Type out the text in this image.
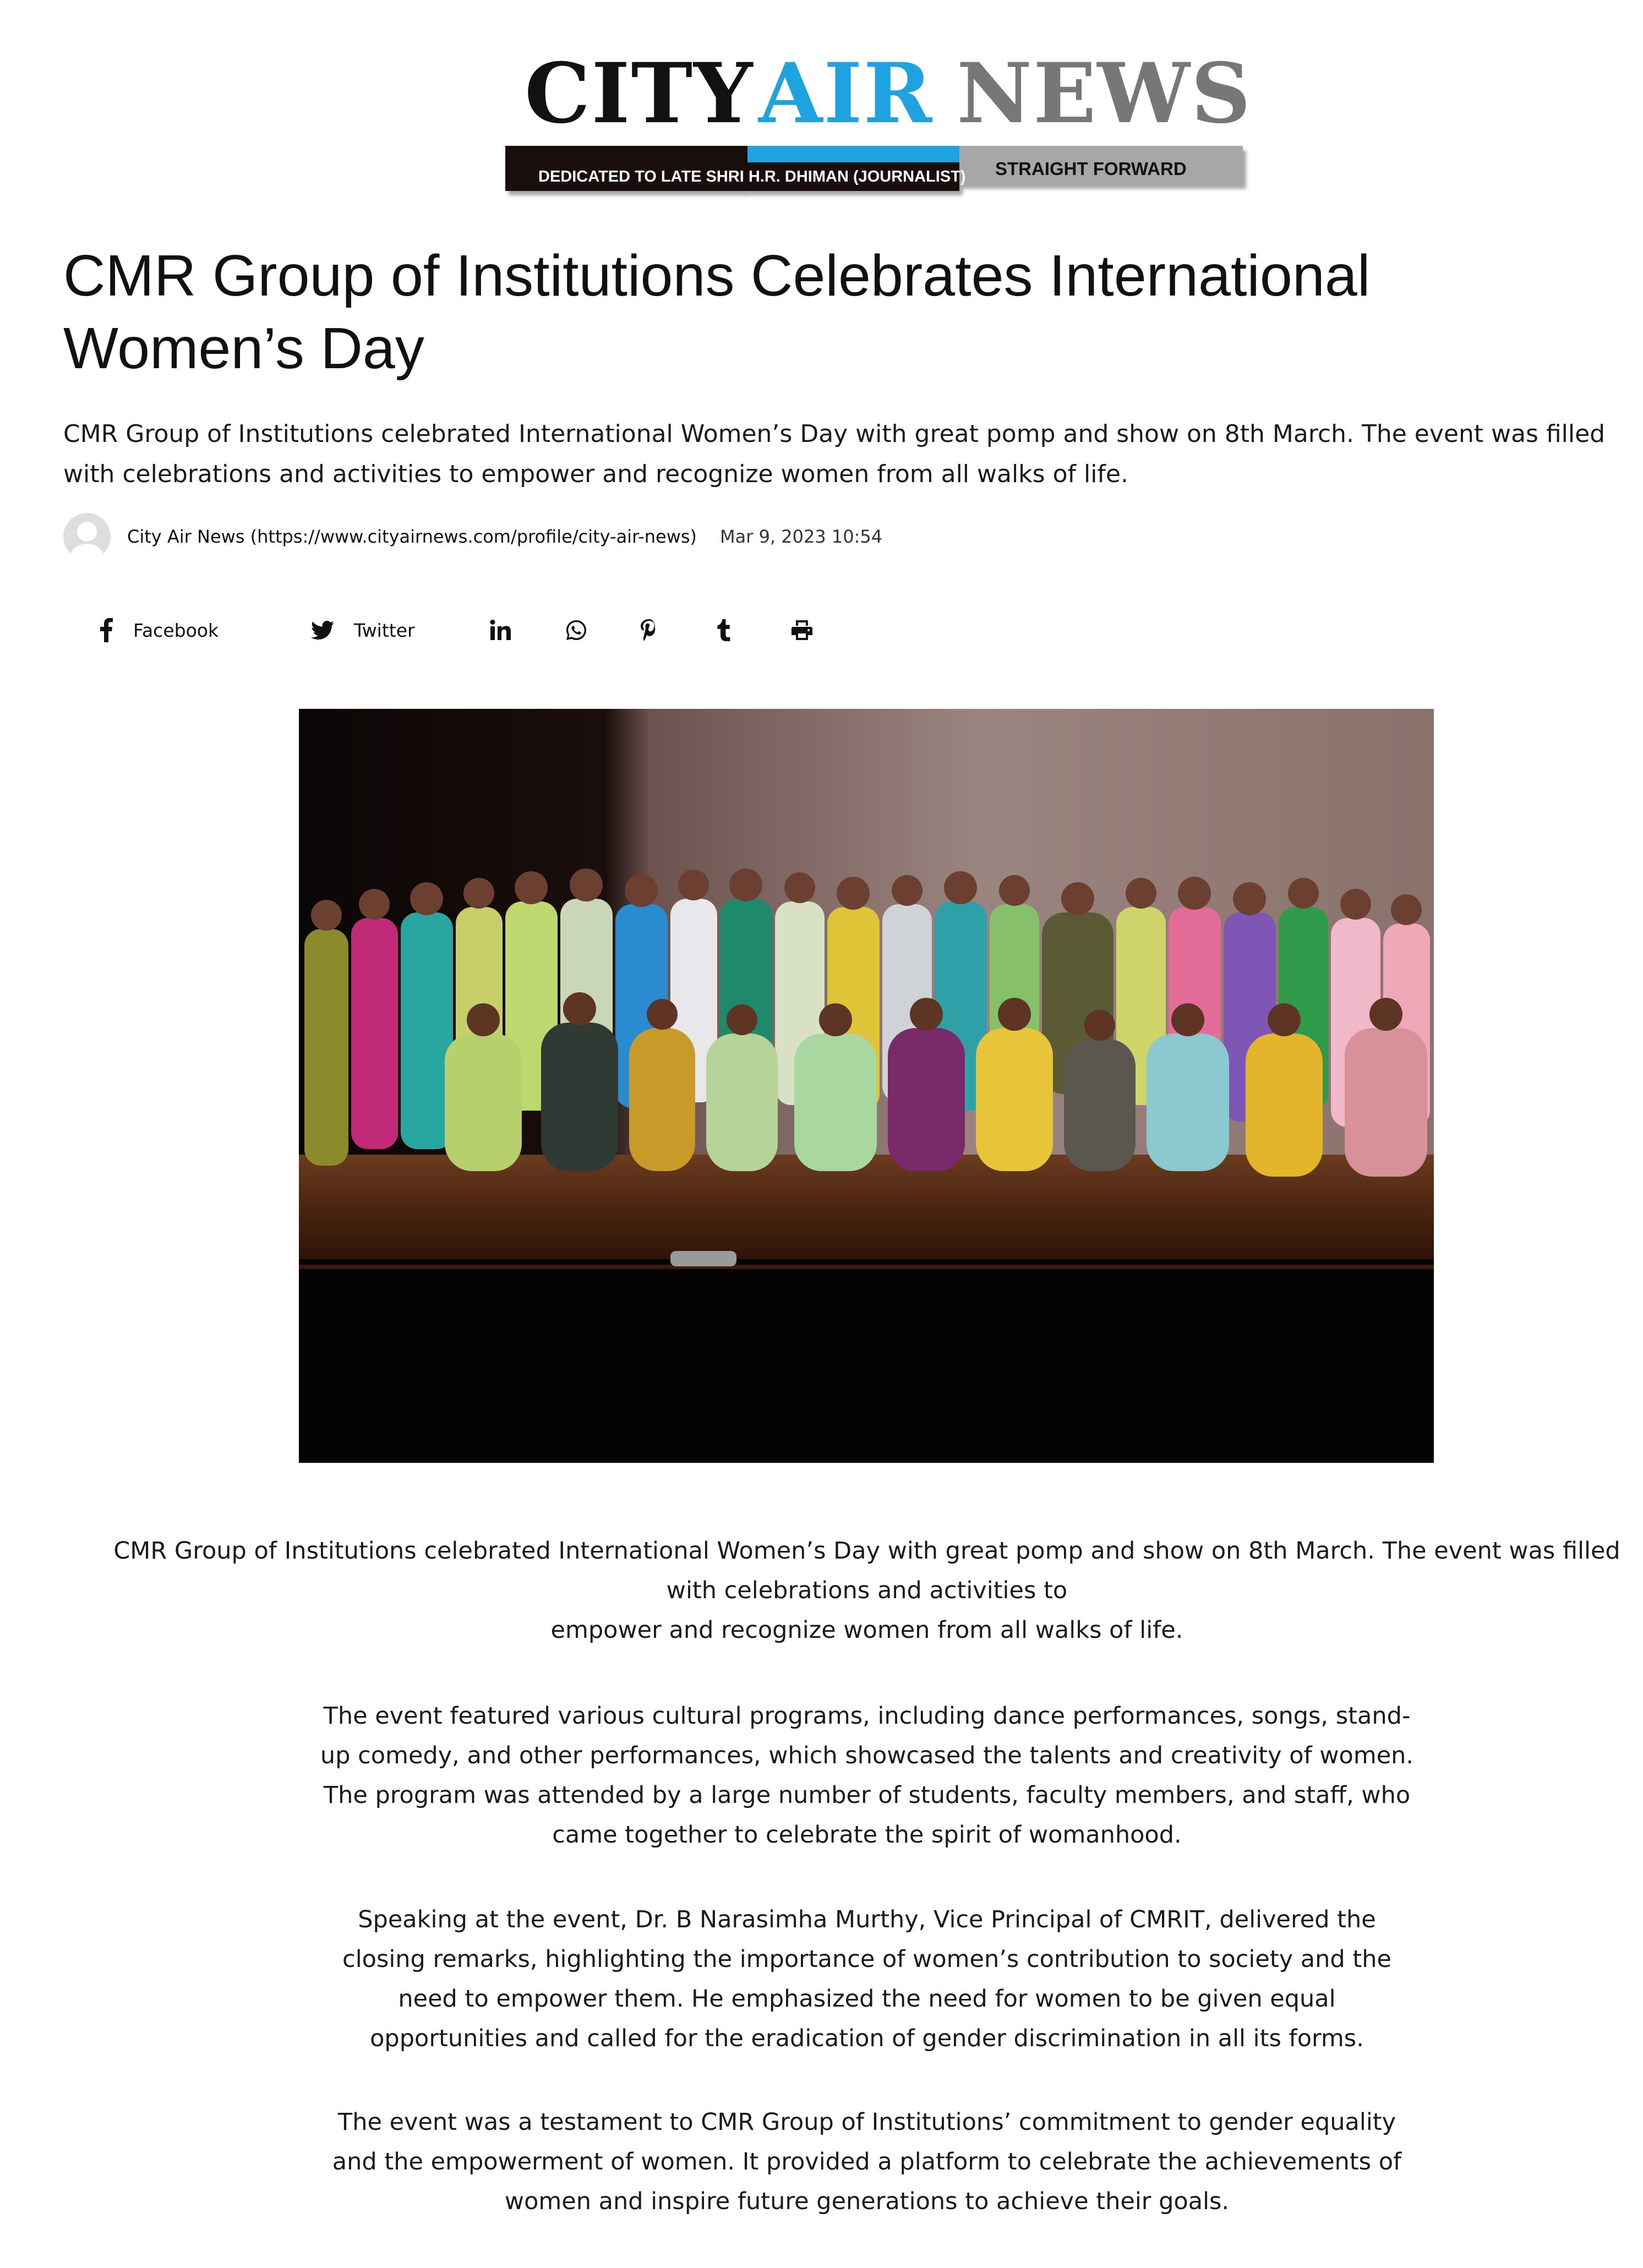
CITY AIR NEWS
DEDICATED TO LATE SHRI H.R. DHIMAN (JOURNALIST) STRAIGHT FORWARD
CMR Group of Institutions Celebrates International Women’s Day

CMR Group of Institutions celebrated International Women’s Day with great pomp and show on 8th March. The event was filled with celebrations and activities to empower and recognize women from all walks of life.

City Air News (https://www.cityairnews.com/profile/city-air-news) Mar 9, 2023 10:54
Facebook	Twitter

CMR Group of Institutions celebrated International Women’s Day with great pomp and show on 8th March. The event was filled with celebrations and activities to
empower and recognize women from all walks of life.

The event featured various cultural programs, including dance performances, songs, stand-up comedy, and other performances, which showcased the talents and creativity of women. The program was attended by a large number of students, faculty members, and staff, who came together to celebrate the spirit of womanhood.

Speaking at the event, Dr. B Narasimha Murthy, Vice Principal of CMRIT, delivered the closing remarks, highlighting the importance of women’s contribution to society and the need to empower them. He emphasized the need for women to be given equal opportunities and called for the eradication of gender discrimination in all its forms.

The event was a testament to CMR Group of Institutions’ commitment to gender equality and the empowerment of women. It provided a platform to celebrate the achievements of women and inspire future generations to achieve their goals.
